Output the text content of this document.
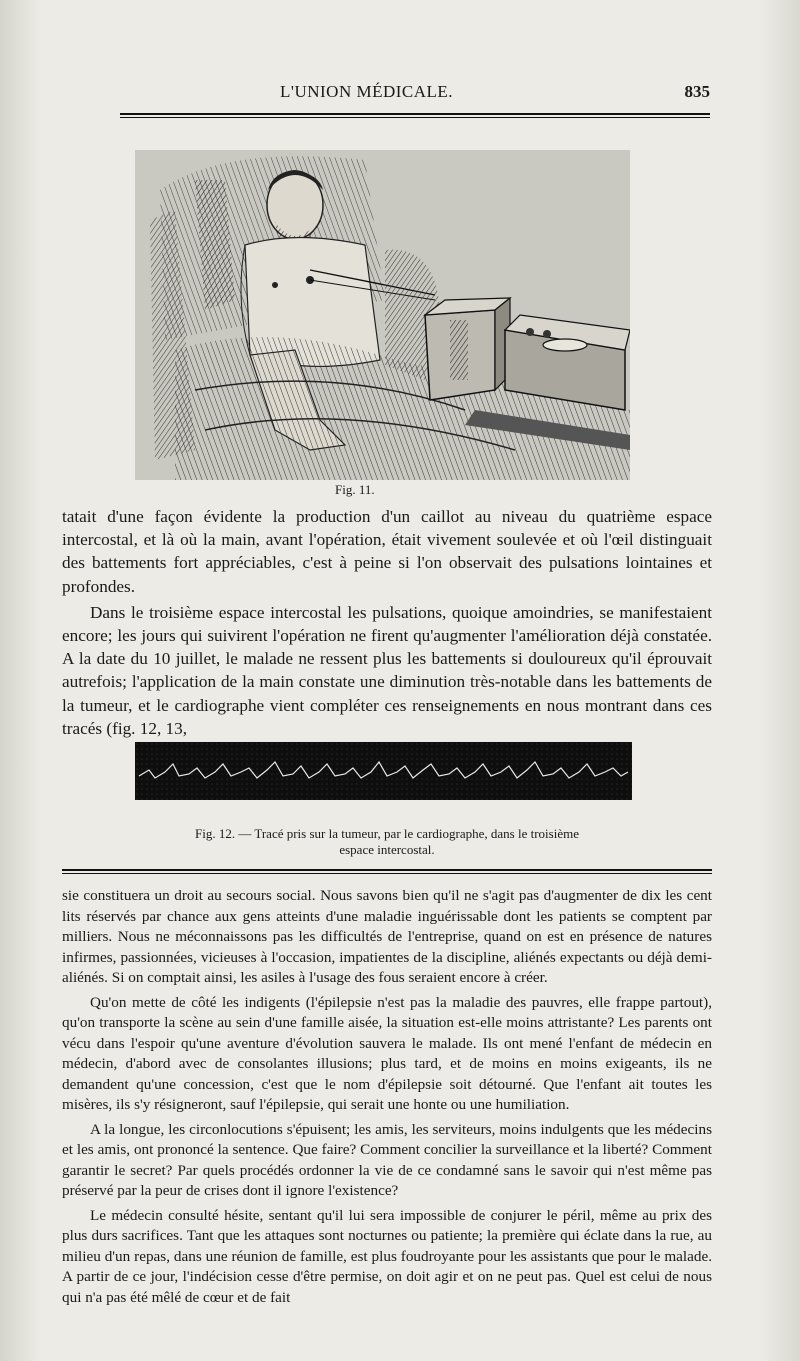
L'UNION MÉDICALE.	835
Fig. 11.

tatait d'une façon évidente la production d'un caillot au niveau du quatrième espace intercostal, et là où la main, avant l'opération, était vivement soulevée et où l'œil distinguait des battements fort appréciables, c'est à peine si l'on observait des pulsations lointaines et profondes.

Dans le troisième espace intercostal les pulsations, quoique amoindries, se manifestaient encore; les jours qui suivirent l'opération ne firent qu'augmenter l'amélioration déjà constatée. A la date du 10 juillet, le malade ne ressent plus les battements si douloureux qu'il éprouvait autrefois; l'application de la main constate une diminution très-notable dans les battements de la tumeur, et le cardiographe vient compléter ces renseignements en nous montrant dans ces tracés (fig. 12, 13,

Fig. 12. — Tracé pris sur la tumeur, par le cardiographe, dans le troisième
espace intercostal.

sie constituera un droit au secours social. Nous savons bien qu'il ne s'agit pas d'augmenter de dix les cent lits réservés par chance aux gens atteints d'une maladie inguérissable dont les patients se comptent par milliers. Nous ne méconnaissons pas les difficultés de l'entreprise, quand on est en présence de natures infirmes, passionnées, vicieuses à l'occasion, impatientes de la discipline, aliénés expectants ou déjà demi-aliénés. Si on comptait ainsi, les asiles à l'usage des fous seraient encore à créer.

Qu'on mette de côté les indigents (l'épilepsie n'est pas la maladie des pauvres, elle frappe partout), qu'on transporte la scène au sein d'une famille aisée, la situation est-elle moins attristante? Les parents ont vécu dans l'espoir qu'une aventure d'évolution sauvera le malade. Ils ont mené l'enfant de médecin en médecin, d'abord avec de consolantes illusions; plus tard, et de moins en moins exigeants, ils ne demandent qu'une concession, c'est que le nom d'épilepsie soit détourné. Que l'enfant ait toutes les misères, ils s'y résigneront, sauf l'épilepsie, qui serait une honte ou une humiliation.

A la longue, les circonlocutions s'épuisent; les amis, les serviteurs, moins indulgents que les médecins et les amis, ont prononcé la sentence. Que faire? Comment concilier la surveillance et la liberté? Comment garantir le secret? Par quels procédés ordonner la vie de ce condamné sans le savoir qui n'est même pas préservé par la peur de crises dont il ignore l'existence?

Le médecin consulté hésite, sentant qu'il lui sera impossible de conjurer le péril, même au prix des plus durs sacrifices. Tant que les attaques sont nocturnes ou patiente; la première qui éclate dans la rue, au milieu d'un repas, dans une réunion de famille, est plus foudroyante pour les assistants que pour le malade. A partir de ce jour, l'indécision cesse d'être permise, on doit agir et on ne peut pas. Quel est celui de nous qui n'a pas été mêlé de cœur et de fait
